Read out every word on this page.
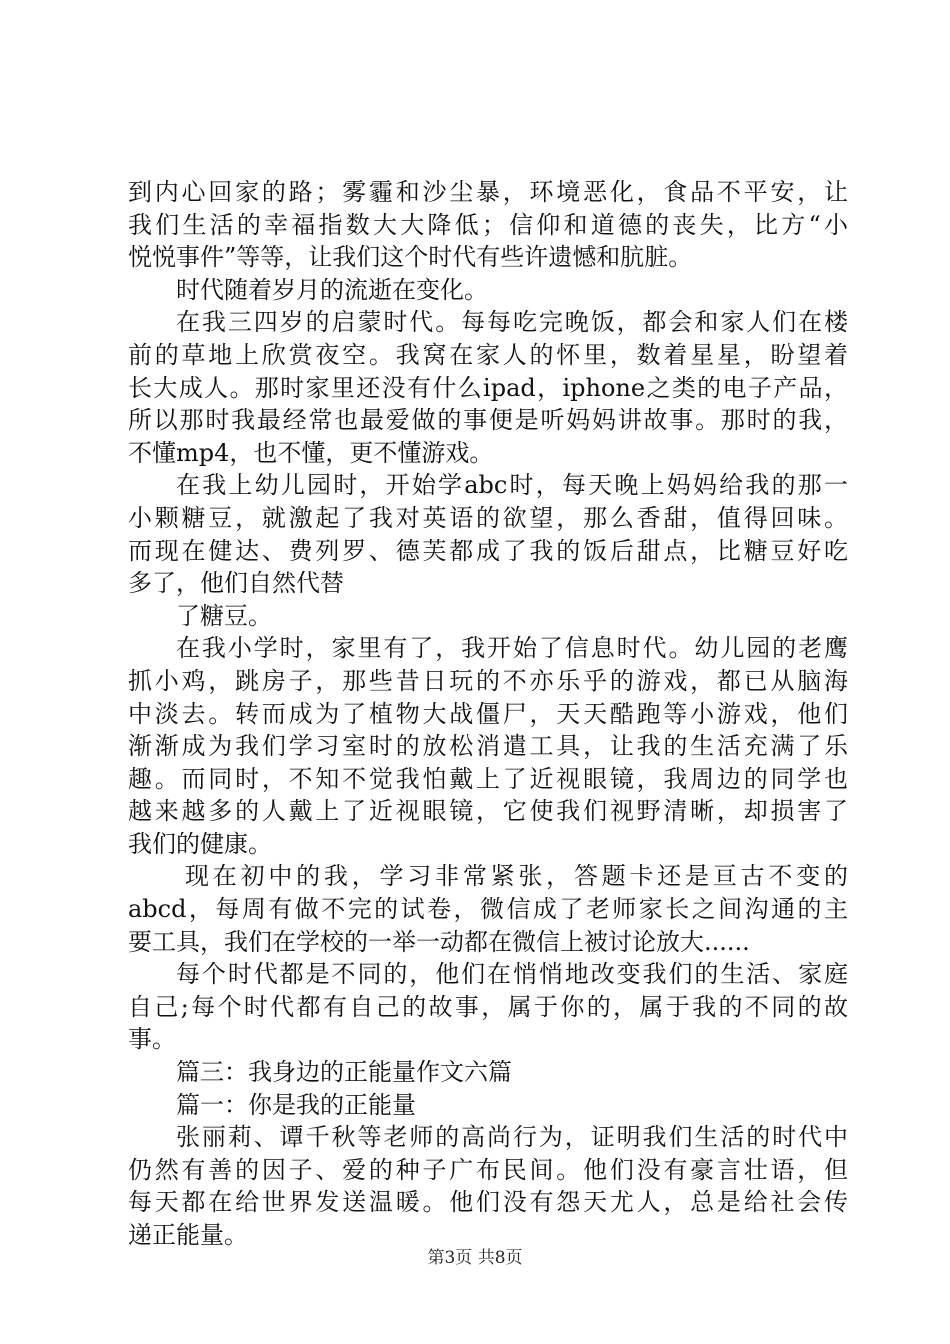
到内心回家的路；雾霾和沙尘暴，环境恶化，食品不平安，让
我们生活的幸福指数大大降低；信仰和道德的丧失，比方“小
悦悦事件”等等，让我们这个时代有些许遗憾和肮脏。
时代随着岁月的流逝在变化。
在我三四岁的启蒙时代。每每吃完晚饭，都会和家人们在楼
前的草地上欣赏夜空。我窝在家人的怀里，数着星星，盼望着
长大成人。那时家里还没有什么ipad，iphone之类的电子产品，
所以那时我最经常也最爱做的事便是听妈妈讲故事。那时的我，
不懂mp4，也不懂，更不懂游戏。
在我上幼儿园时，开始学abc时，每天晚上妈妈给我的那一
小颗糖豆，就激起了我对英语的欲望，那么香甜，值得回味。
而现在健达、费列罗、德芙都成了我的饭后甜点，比糖豆好吃
多了，他们自然代替
了糖豆。
在我小学时，家里有了，我开始了信息时代。幼儿园的老鹰
抓小鸡，跳房子，那些昔日玩的不亦乐乎的游戏，都已从脑海
中淡去。转而成为了植物大战僵尸，天天酷跑等小游戏，他们
渐渐成为我们学习室时的放松消遣工具，让我的生活充满了乐
趣。而同时，不知不觉我怕戴上了近视眼镜，我周边的同学也
越来越多的人戴上了近视眼镜，它使我们视野清晰，却损害了
我们的健康。
现在初中的我，学习非常紧张，答题卡还是亘古不变的
abcd，每周有做不完的试卷，微信成了老师家长之间沟通的主
要工具，我们在学校的一举一动都在微信上被讨论放大......
每个时代都是不同的，他们在悄悄地改变我们的生活、家庭
自己;每个时代都有自己的故事，属于你的，属于我的不同的故
事。
篇三：我身边的正能量作文六篇
篇一：你是我的正能量
张丽莉、谭千秋等老师的高尚行为，证明我们生活的时代中
仍然有善的因子、爱的种子广布民间。他们没有豪言壮语，但
每天都在给世界发送温暖。他们没有怨天尤人，总是给社会传
递正能量。
第3页 共8页
